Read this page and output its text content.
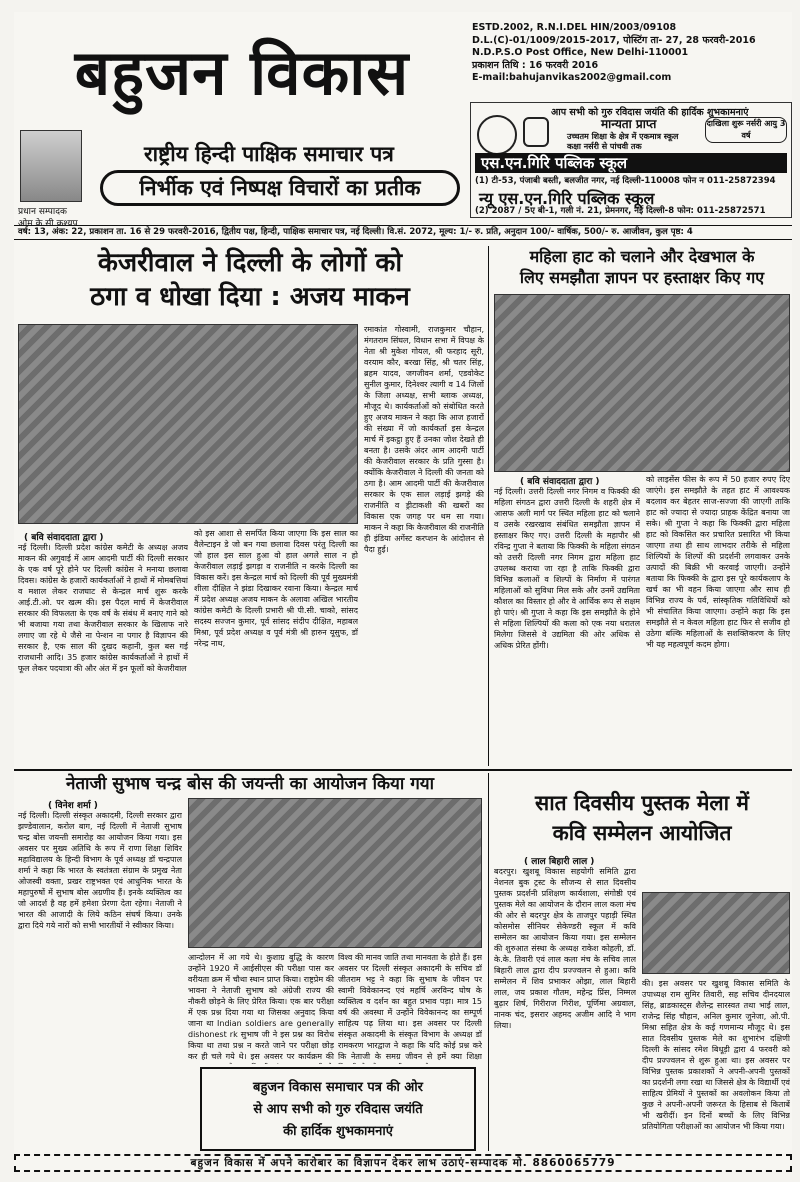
बहुजन विकास
प्रधान सम्पादक
ओम के.सी.कश्यप
राष्ट्रीय हिन्दी पाक्षिक समाचार पत्र
निर्भीक एवं निष्पक्ष विचारों का प्रतीक
ESTD.2002, R.N.I.DEL HIN/2003/09108
D.L.(C)-01/1009/2015-2017, पोस्टिंग ता- 27, 28 फरवरी-2016
N.D.P.S.O Post Office, New Delhi-110001
प्रकाशन तिथि : 16 फरवरी 2016
E-mail:bahujanvikas2002@gmail.com
आप सभी को गुरु रविदास जयंति की हार्दिक शुभकामनाएं
मान्यता प्राप्त
उच्चतम शिक्षा के क्षेत्र में एकमात्र स्कूल
कक्षा नर्सरी से पांचवी तक
दाखिला शुरू नर्सरी आयु 3 वर्ष
एस.एन.गिरि पब्लिक स्कूल
(1) टी-53, पंजाबी बस्ती, बलजीत नगर, नई दिल्ली-110008 फोन न 011-25872394
न्यू एस.एन.गिरि पब्लिक स्कूल
(2) 2087 / 5ए बी-1, गली नं. 21, प्रेमनगर, नई दिल्ली-8 फोन: 011-25872571
वर्ष: 13, अंक: 22, प्रकाशन ता. 16 से 29 फरवरी-2016, द्वितीय पक्ष, हिन्दी, पाक्षिक समाचार पत्र, नई दिल्ली। वि.सं. 2072, मूल्य: 1/- रु. प्रति, अनुदान 100/- वार्षिक, 500/- रु. आजीवन, कुल पृष्ठ: 4
केजरीवाल ने दिल्ली के लोगों को
ठगा व धोखा दिया : अजय माकन
( बवि संवाददाता द्वारा )
नई दिल्ली। दिल्ली प्रदेश कांग्रेस कमेटी के अध्यक्ष अजय माकन की अगुवाई में आम आदमी पार्टी की दिल्ली सरकार के एक वर्ष पूरे होने पर दिल्ली कांग्रेस ने मनाया छलावा दिवस। कांग्रेस के हजारों कार्यकर्ताओं ने हाथों में मोमबत्तियां व मशाल लेकर राजघाट से केन्द्रल मार्च शुरू करके आई.टी.ओ. पर खत्म की। इस पैदल मार्च में केजरीवाल सरकार की विफलता के एक वर्ष के संबंध में बनाए गाने को भी बजाया गया तथा केजरीवाल सरकार के खिलाफ नारे लगाए जा रहे थे जैसे ना पेन्शन ना पगार है विज्ञापन की सरकार है, एक साल की दुखद कहानी, कुल बस गई राजधानी आदि। 35 हजार कांग्रेस कार्यकर्ताओं ने हाथों में फूल लेकर पदयात्रा की और अंत में इन फूलों को केजरीवाल
को इस आशा से समर्पित किया जाएगा कि इस साल का वैलेन्टाइन डे जो बन गया छलावा दिवस परंतु दिल्ली का जो हाल इस साल हुआ वो हाल अगले साल न हो केजरीवाल लड़ाई झगड़ा व राजनीति न करके दिल्ली का विकास करें। इस केन्द्रल मार्च को दिल्ली की पूर्व मुख्यमंत्री शीला दीक्षित ने झंडा दिखाकर रवाना किया। केन्द्रल मार्च में प्रदेश अध्यक्ष अजय माकन के अलावा अखिल भारतीय कांग्रेस कमेटी के दिल्ली प्रभारी श्री पी.सी. चाको, सांसद सदस्य सज्जन कुमार, पूर्व सांसद संदीप दीक्षित, महाबल मिश्रा, पूर्व प्रदेश अध्यक्ष व पूर्व मंत्री श्री हारुन यूसुफ, डॉ नरेन्द्र नाथ,
रमाकांत गोस्वामी, राजकुमार चौहान, मंगतराम सिंघल, विधान सभा में विपक्ष के नेता श्री मुकेश गोयल, श्री फरहाद सूरी, वरयाम कौर, बरखा सिंह, श्री चतर सिंह, ब्रहम यादव, जगजीवन शर्मा, एडवोकेट सुनील कुमार, दिनेश्वर त्यागी व 14 जिलों के जिला अध्यक्ष, सभी ब्लाक अध्यक्ष, मौजूद थे। कार्यकर्ताओं को संबोधित करते हुए अजय माकन ने कहा कि आज हजारों की संख्या में जो कार्यकर्ता इस केन्द्रल मार्च में इकट्ठा हुए हैं उनका जोश देखते ही बनता है। उसके अंदर आम आदमी पार्टी की केजरीवाल सरकार के प्रति गुस्सा है। क्योंकि केजरीवाल ने दिल्ली की जनता को ठगा है। आम आदमी पार्टी की केजरीवाल सरकार के एक साल लड़ाई झगड़े की राजनीति व ड्रीटाकशी की खबरों का विकास एक जगह पर थम सा गया। माकन ने कहा कि केजरीवाल की राजनीति ही इंडिया अगेंस्ट करप्शन के आंदोलन से पैदा हुई।
महिला हाट को चलाने और देखभाल के
लिए समझौता ज्ञापन पर हस्ताक्षर किए गए
( बवि संवाददाता द्वारा )
नई दिल्ली। उत्तरी दिल्ली नगर निगम व फिक्की की महिला संगठन द्वारा उत्तरी दिल्ली के शहरी क्षेत्र में आसफ अली मार्ग पर स्थित महिला हाट को चलाने व उसके रखरखाव संबंधित समझौता ज्ञापन में हस्ताक्षर किए गए। उत्तरी दिल्ली के महापौर श्री रविन्द्र गुप्ता ने बताया कि फिक्की के महिला संगठन को उत्तरी दिल्ली नगर निगम द्वारा महिला हाट उपलब्ध कराया जा रहा है ताकि फिक्की द्वारा विभिन्न कलाओं व शिल्पों के निर्माण में पारंगत महिलाओं को सुविधा मिल सके और उनमें उद्यमिता कौशल का विस्तार हो और वे आर्थिक रूप से सक्षम हो पाएं। श्री गुप्ता ने कहा कि इस समझौते के होने से महिला शिल्पियों की कला को एक नया धरातल मिलेगा जिससे वे उद्यमिता की ओर अधिक से अधिक प्रेरित होंगी।
को लाइसेंस फीस के रूप में 50 हजार रुपए दिए जाएंगे। इस समझौते के तहत हाट में आवश्यक बदलाव कर बेहतर साज-सज्जा की जाएगी ताकि हाट को ज्यादा से ज्यादा प्राहक केंद्रित बनाया जा सके। श्री गुप्ता ने कहा कि फिक्की द्वारा महिला हाट को विकसित कर प्रचारित प्रसारित भी किया जाएगा तथा ही साथ लाभदार तरीके से महिला शिल्पियों के शिल्पों की प्रदर्शनी लगवाकर उनके उत्पादों की बिक्री भी करवाई जाएगी। उन्होंने बताया कि फिक्की के द्वारा इस पूरे कार्यकलाप के खर्च का भी वहन किया जाएगा और साथ ही विभिन्न राज्य के पर्व, सांस्कृतिक गतिविधियों को भी संचालित किया जाएगा। उन्होंने कहा कि इस समझौते से न केवल महिला हाट फिर से सजीव हो उठेगा बल्कि महिलाओं के सशक्तिकरण के लिए भी यह महत्वपूर्ण कदम होगा।
नेताजी सुभाष चन्द्र बोस की जयन्ती का आयोजन किया गया
( विनेश शर्मा )
नई दिल्ली। दिल्ली संस्कृत अकादमी, दिल्ली सरकार द्वारा झण्डेवालान, करोल बाग, नई दिल्ली में नेताजी सुभाष चन्द्र बोस जयन्ती समारोह का आयोजन किया गया। इस अवसर पर मुख्य अतिथि के रूप में राणा शिक्षा शिविर महाविद्यालय के हिन्दी विभाग के पूर्व अध्यक्ष डॉ चन्द्रपाल शर्मा ने कहा कि भारत के स्वतंत्रता संग्राम के प्रमुख नेता ओजस्वी वक्ता, प्रखर राष्ट्रभक्त एवं आधुनिक भारत के महापुरुषों में सुभाष बोस अग्रणीय हैं। इनके व्यक्तित्व का जो आदर्श है वह हमें हमेशा प्रेरणा देता रहेगा। नेताजी ने भारत की आजादी के लिये कठिन संघर्ष किया। उनके द्वारा दिये गये नारों को सभी भारतीयों ने स्वीकार किया।
आन्दोलन में आ गये थे। कुशाग्र बुद्धि के कारण उन्होंने 1920 में आईसीएस की परीक्षा पास कर वरीयता क्रम में चौथा स्थान प्राप्त किया। राष्ट्रप्रेम की भावना ने नेताजी सुभाष को अंग्रेजी राज्य की नौकरी छोड़ने के लिए प्रेरित किया। एक बार परीक्षा में एक प्रश्न दिया गया था जिसका अनुवाद किया जाना था Indian soldiers are generally dishonest rk सुभाष जी ने इस प्रश्न का विरोध किया था तथा प्रश्न न करते जाने पर परीक्षा छोड़ कर ही चले गये थे। इस अवसर पर कार्यक्रम की
विश्व की मानव जाति तथा मानवता के होते हैं। इस अवसर पर दिल्ली संस्कृत अकादमी के सचिव डॉ जीतराम भट्ट ने कहा कि सुभाष के जीवन पर स्वामी विवेकानन्द एवं महर्षि अरविन्द घोष के व्यक्तित्व व दर्शन का बहुत प्रभाव पड़ा। मात्र 15 वर्ष की अवस्था में उन्होंने विवेकानन्द का सम्पूर्ण साहित्य पढ़ लिया था। इस अवसर पर दिल्ली संस्कृत अकादमी के संस्कृत विभाग के अध्यक्ष डॉ रामकरण भारद्वाज ने कहा कि यदि कोई प्रश्न करे कि नेताजी के समग्र जीवन से हमें क्या शिक्षा
बहुजन विकास समाचार पत्र की ओर
से आप सभी को गुरु रविदास जयंति
की हार्दिक शुभकामनाएं
सात दिवसीय पुस्तक मेला में
कवि सम्मेलन आयोजित
( लाल बिहारी लाल )
बदरपुर। खुशबू विकास सहयोगी समिति द्वारा नेशनल बुक ट्रस्ट के सौजन्य से सात दिवसीय पुस्तक प्रदर्शनी प्रशिक्षण कार्यशाला, संगोष्ठी एवं पुस्तक मेले का आयोजन के दौरान लाल कला मंच की ओर से बदरपुर क्षेत्र के ताजपुर पहाड़ी स्थित कोसमोस सीनियर सेकेण्डरी स्कूल में कवि सम्मेलन का आयोजन किया गया। इस सम्मेलन की शुरुआत संस्था के अध्यक्ष राकेश कोहली, डॉ. के.के. तिवारी एवं लाल कला मंच के सचिव लाल बिहारी लाल द्वारा दीप प्रज्ज्वलन से हुआ। कवि सम्मेलन में शिव प्रभाकर ओझा, लाल बिहारी लाल, जय प्रकाश गौतम, महेन्द्र प्रिंस, निम्मल बुढ़ार शिर्ष, गिरीराज गिरीश, पूर्णिमा अग्रवाल, नानक चंद, इसरार अहमद अजीम आदि ने भाग लिया।
की। इस अवसर पर खुशबू विकास समिति के उपाध्यक्ष राम सुमिर तिवारी, सह सचिव दीनदयाल सिंह, ब्राडकास्ट्स शैलेन्द्र सारस्वत तथा भाई लाल, राजेन्द्र सिंह चौहान, अनिल कुमार जुनेजा, ओ.पी. मिश्रा सहित क्षेत्र के कई गणमान्य मौजूद थे। इस सात दिवसीय पुस्तक मेले का शुभारंभ दक्षिणी दिल्ली के सांसद रमेश बिधूड़ी द्वारा 4 फरवरी को दीप प्रज्ज्वलन से शुरू हुआ था। इस अवसर पर विभिन्न पुस्तक प्रकाशकों ने अपनी-अपनी पुस्तकों का प्रदर्शनी लगा रखा था जिससे क्षेत्र के विद्यार्थी एवं साहित्य प्रेमियों ने पुस्तकों का अवलोकन किया तो कुछ ने अपनी-अपनी जरूरत के हिसाब से किताबें भी खरीदीं। इन दिनों बच्चों के लिए विभिन्न प्रतियोगिता परीक्षाओं का आयोजन भी किया गया।
बहुजन विकास में अपने कारोबार का विज्ञापन देकर लाभ उठाएं-सम्पादक मो. 8860065779
